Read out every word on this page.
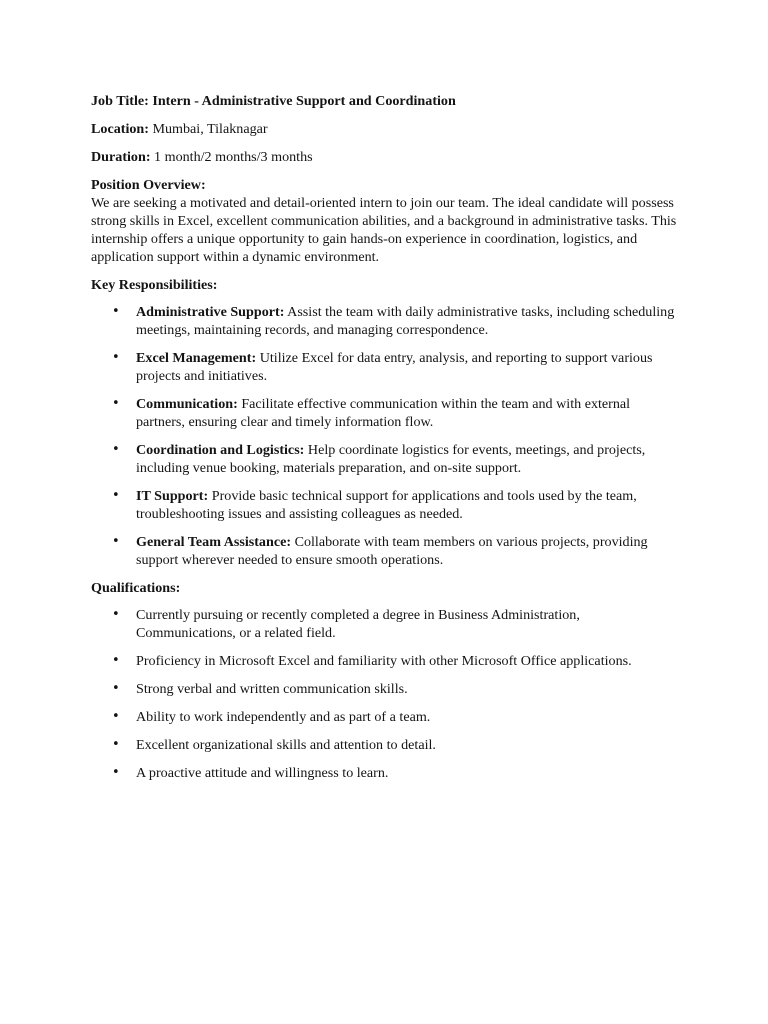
Job Title: Intern - Administrative Support and Coordination

Location: Mumbai, Tilaknagar

Duration: 1 month/2 months/3 months

Position Overview:

We are seeking a motivated and detail-oriented intern to join our team. The ideal candidate will possess strong skills in Excel, excellent communication abilities, and a background in administrative tasks. This internship offers a unique opportunity to gain hands-on experience in coordination, logistics, and application support within a dynamic environment.

Key Responsibilities:

• Administrative Support: Assist the team with daily administrative tasks, including scheduling meetings, maintaining records, and managing correspondence.
• Excel Management: Utilize Excel for data entry, analysis, and reporting to support various projects and initiatives.
• Communication: Facilitate effective communication within the team and with external partners, ensuring clear and timely information flow.
• Coordination and Logistics: Help coordinate logistics for events, meetings, and projects, including venue booking, materials preparation, and on-site support.
• IT Support: Provide basic technical support for applications and tools used by the team, troubleshooting issues and assisting colleagues as needed.
• General Team Assistance: Collaborate with team members on various projects, providing support wherever needed to ensure smooth operations.

Qualifications:

• Currently pursuing or recently completed a degree in Business Administration, Communications, or a related field.
• Proficiency in Microsoft Excel and familiarity with other Microsoft Office applications.
• Strong verbal and written communication skills.
• Ability to work independently and as part of a team.
• Excellent organizational skills and attention to detail.
• A proactive attitude and willingness to learn.
